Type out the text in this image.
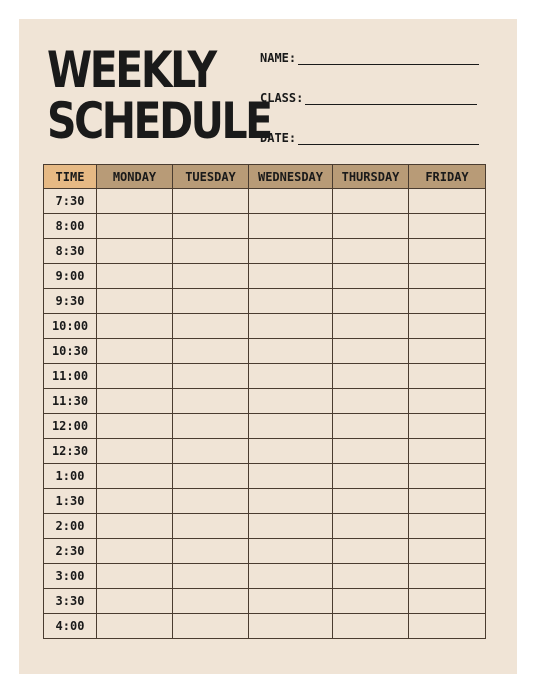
WEEKLY
SCHEDULE
NAME:
CLASS:
DATE:
TIME	MONDAY	TUESDAY	WEDNESDAY	THURSDAY	FRIDAY
7:30					
8:00					
8:30					
9:00					
9:30					
10:00					
10:30					
11:00					
11:30					
12:00					
12:30					
1:00					
1:30					
2:00					
2:30					
3:00					
3:30					
4:00					
